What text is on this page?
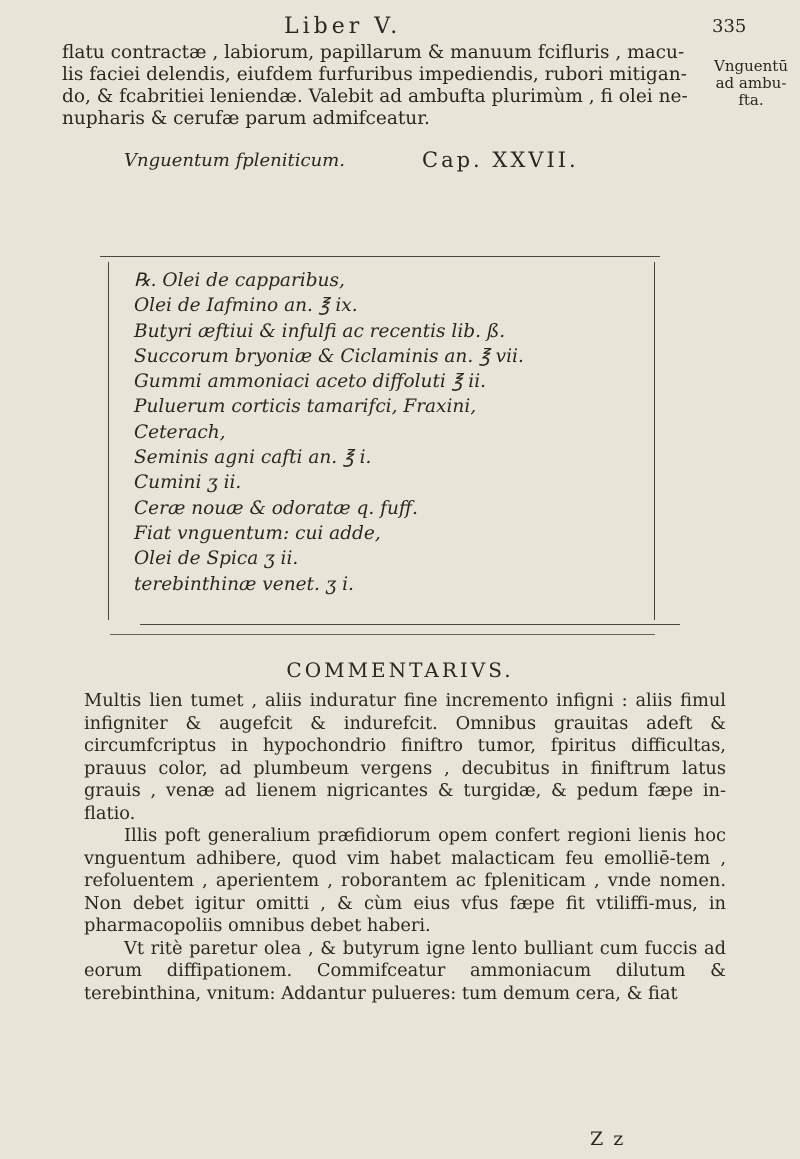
Liber V.	335

flatu contractæ , labiorum, papillarum & manuum fcifluris , macu-

lis faciei delendis, eiufdem furfuribus impediendis, rubori mitigan-

do, & fcabritiei leniendæ. Valebit ad ambufta plurimùm , fi olei ne-

nupharis & cerufæ parum admifceatur.

Vnguentū
ad ambu-
fta.
Vnguentum fpleniticum.	Cap. XXVII.
℞. Olei de capparibus,
Olei de Iafmino an. ℥ ix.
Butyri æftiui & infulfi ac recentis lib. ß.
Succorum bryoniæ & Ciclaminis an. ℥ vii.
Gummi ammoniaci aceto diffoluti ℥ ii.
Puluerum corticis tamarifci, Fraxini,
Ceterach,
Seminis agni cafti an. ℥ i.
Cumini ʒ ii.
Ceræ nouæ & odoratæ q. fuff.
Fiat vnguentum: cui adde,
Olei de Spica ʒ ii.
terebinthinæ venet. ʒ i.
COMMENTARIVS.

Multis lien tumet , aliis induratur fine incremento infigni : aliis fimul infigniter & augefcit & indurefcit. Omnibus grauitas adeft & circumfcriptus in hypochondrio finiftro tumor, fpiritus difficultas, prauus color, ad plumbeum vergens , decubitus in finiftrum latus grauis , venæ ad lienem nigricantes & turgidæ, & pedum fæpe in-flatio.

Illis poft generalium præfidiorum opem confert regioni lienis hoc vnguentum adhibere, quod vim habet malacticam feu emolliē-tem , refoluentem , aperientem , roborantem ac fpleniticam , vnde nomen. Non debet igitur omitti , & cùm eius vfus fæpe fit vtiliffi-mus, in pharmacopoliis omnibus debet haberi.

Vt ritè paretur olea , & butyrum igne lento bulliant cum fuccis ad eorum diffipationem. Commifceatur ammoniacum dilutum & terebinthina, vnitum: Addantur pulueres: tum demum cera, & fiat

Z z
